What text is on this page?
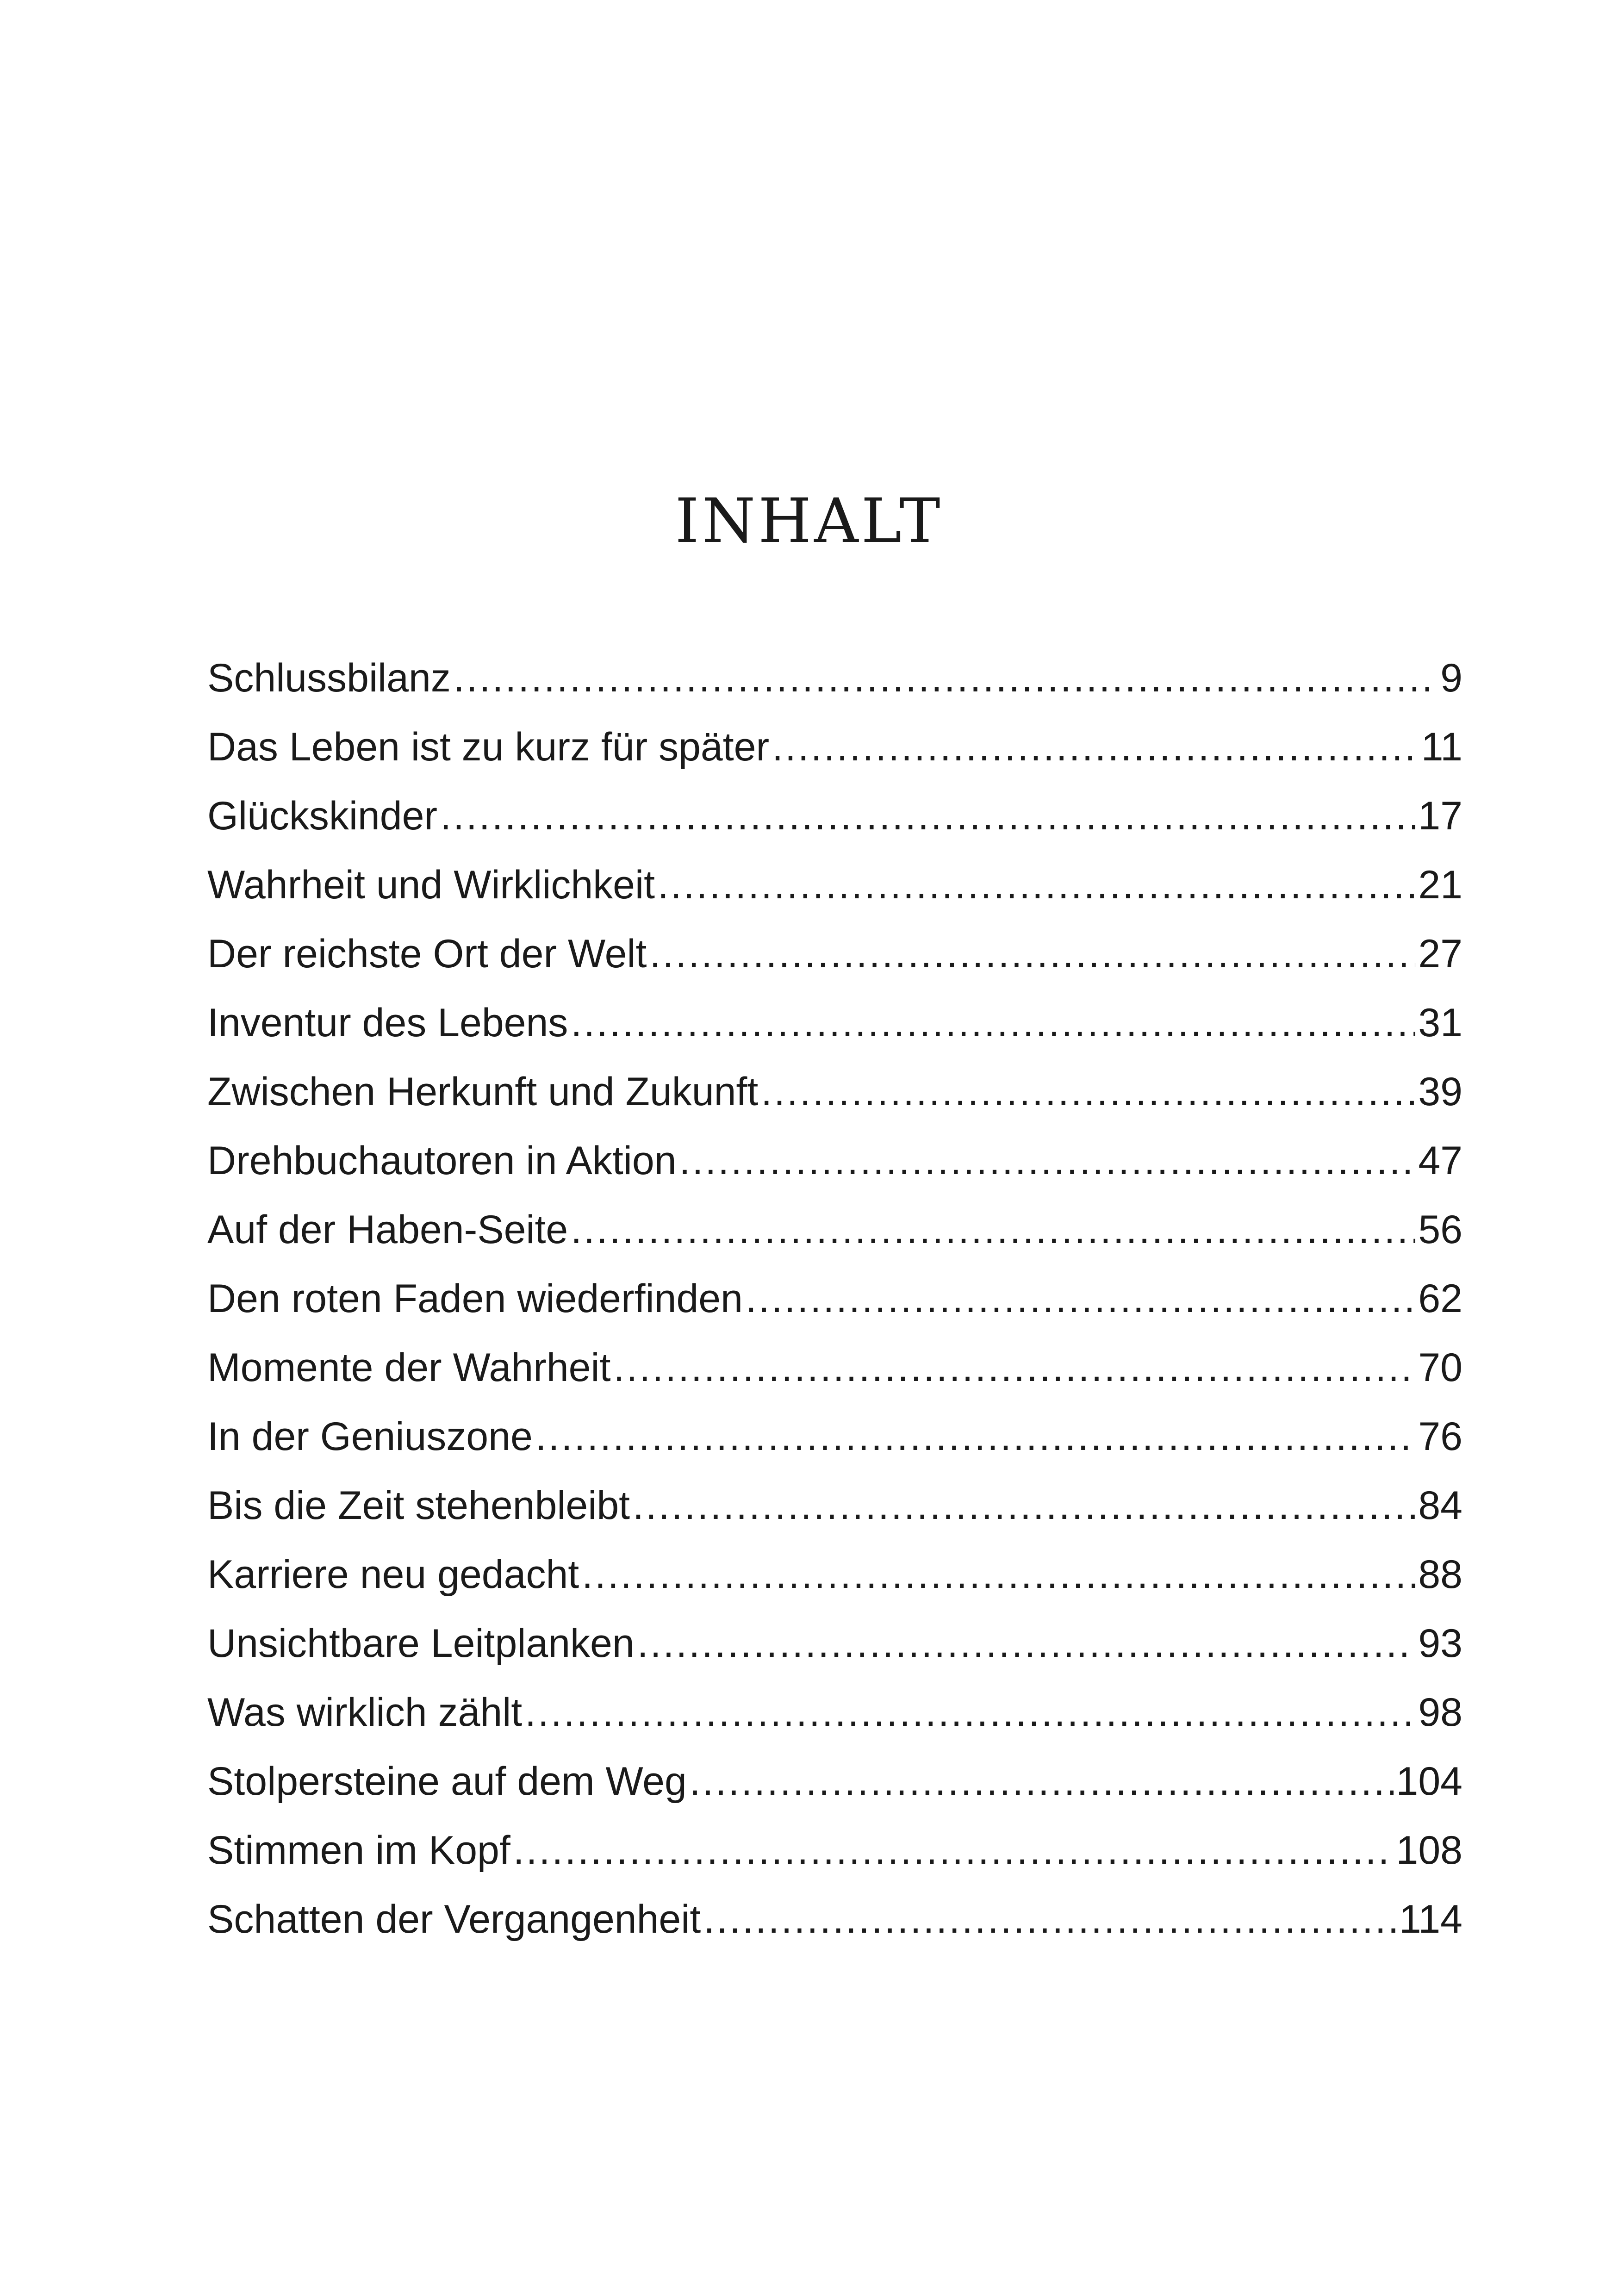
INHALT
Schlussbilanz .....	9
Das Leben ist zu kurz für später .....	11
Glückskinder .....	17
Wahrheit und Wirklichkeit .....	21
Der reichste Ort der Welt .....	27
Inventur des Lebens .....	31
Zwischen Herkunft und Zukunft .....	39
Drehbuchautoren in Aktion .....	47
Auf der Haben-Seite .....	56
Den roten Faden wiederfinden .....	62
Momente der Wahrheit .....	70
In der Geniuszone .....	76
Bis die Zeit stehenbleibt .....	84
Karriere neu gedacht .....	88
Unsichtbare Leitplanken .....	93
Was wirklich zählt .....	98
Stolpersteine auf dem Weg .....	104
Stimmen im Kopf .....	108
Schatten der Vergangenheit .....	114
